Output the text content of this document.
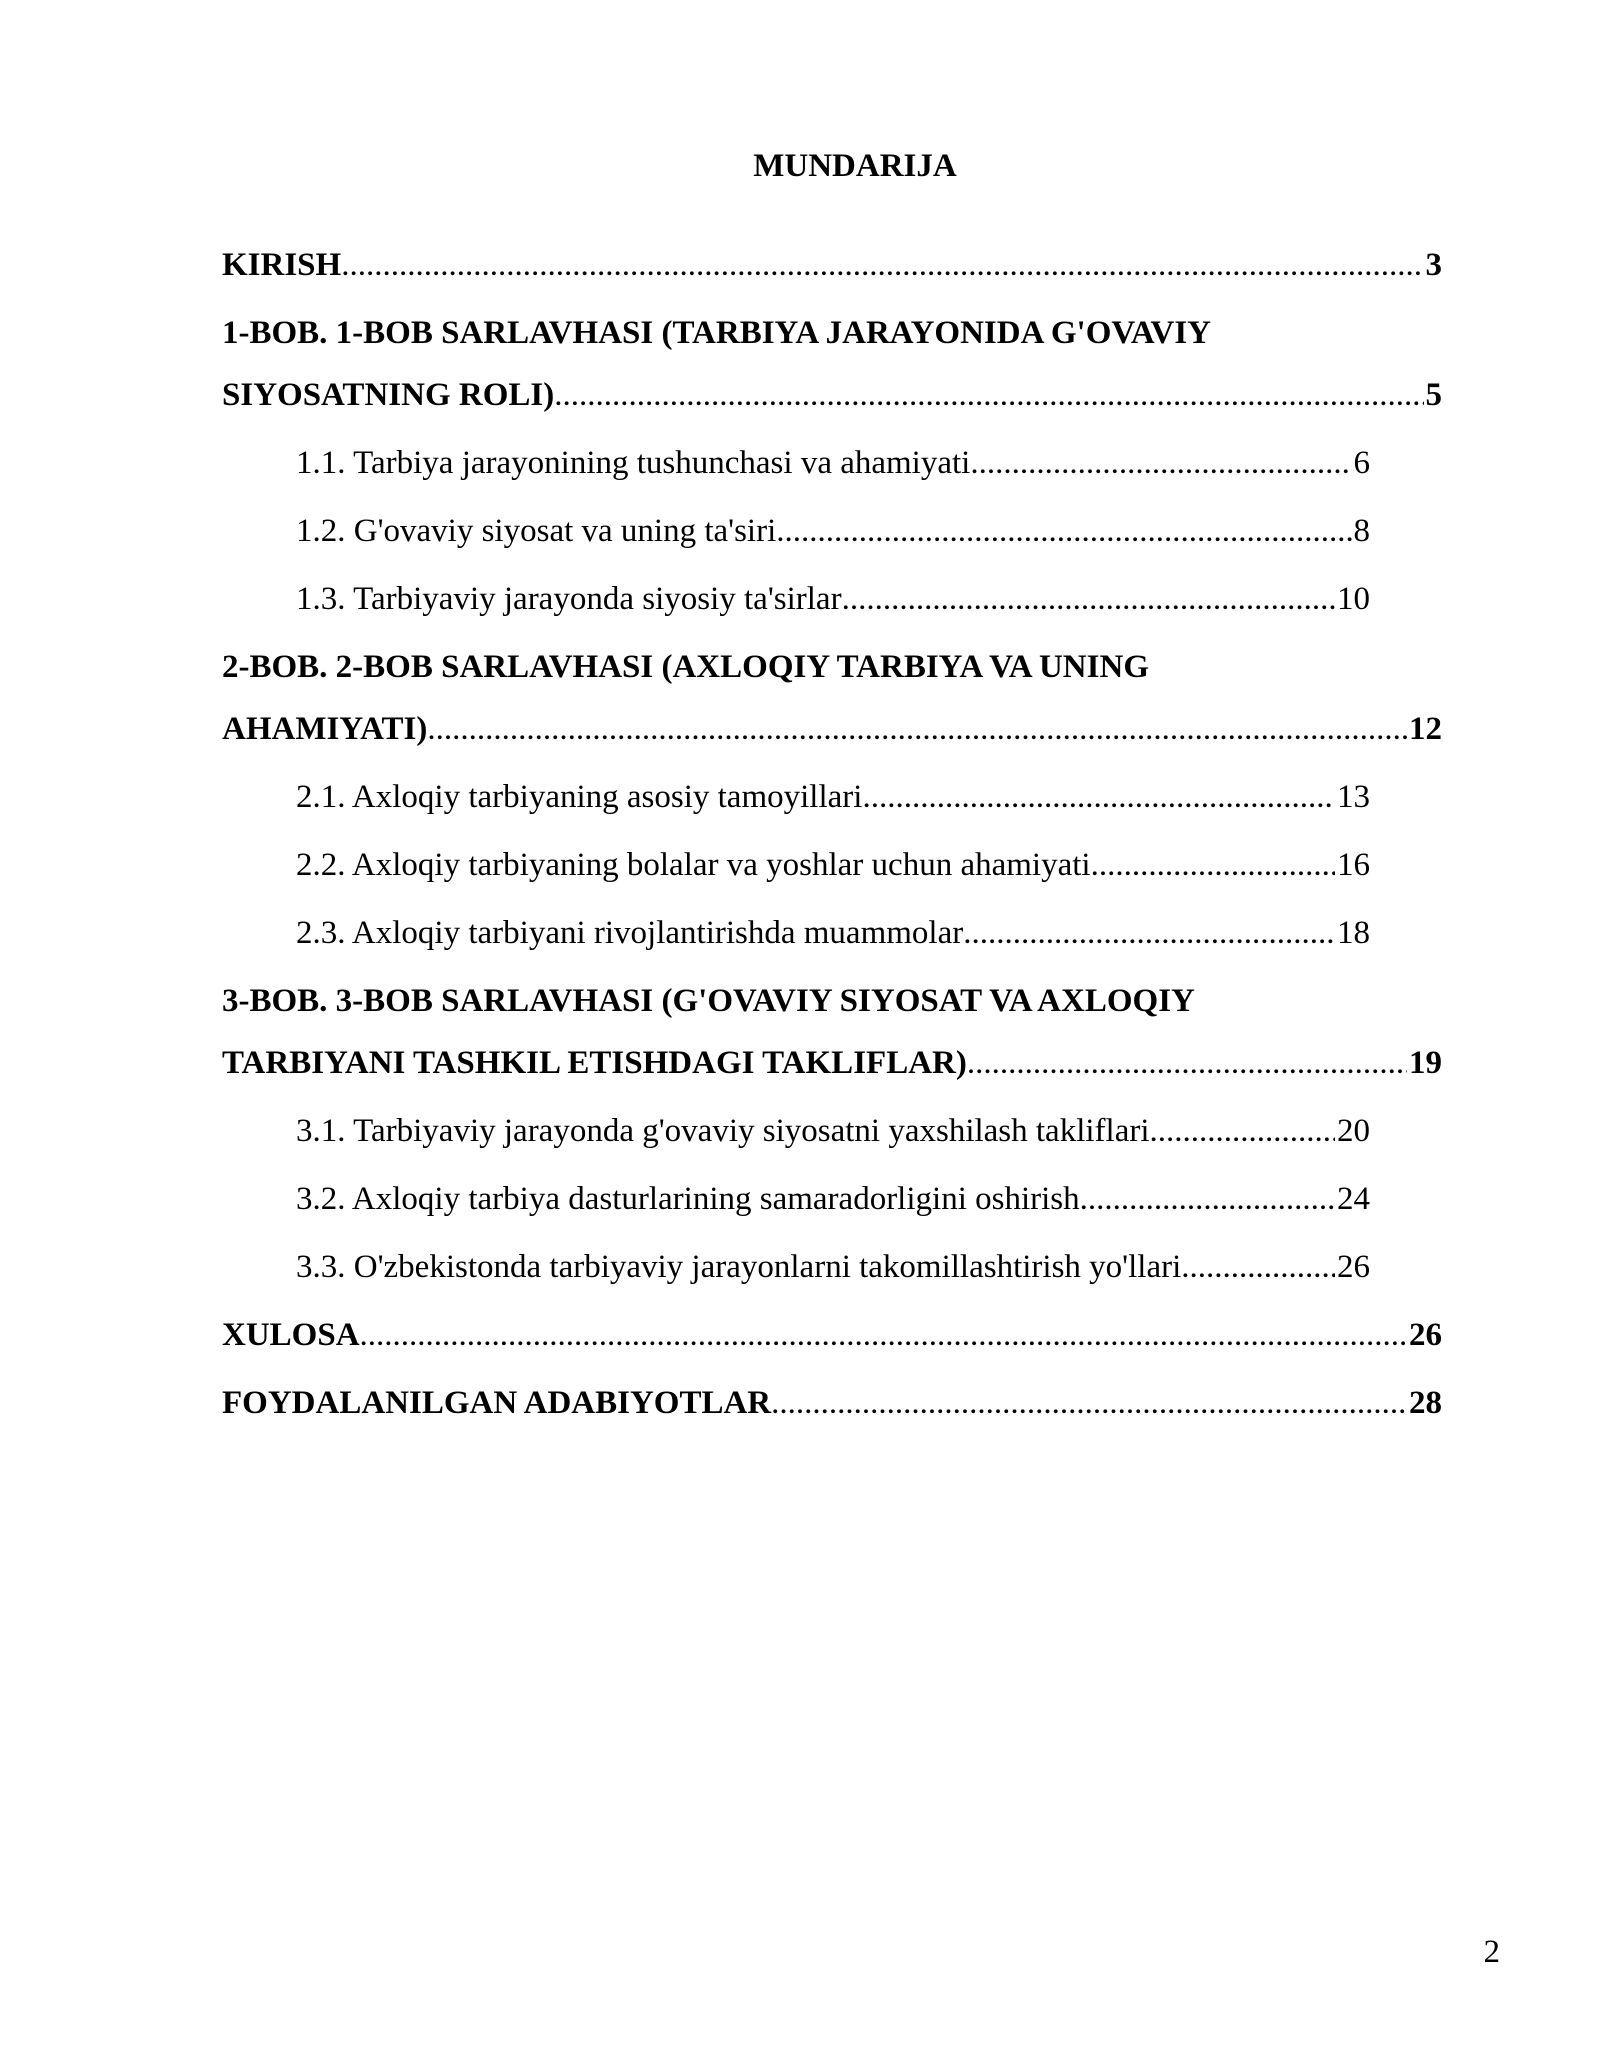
MUNDARIJA
KIRISH .....	3
1-BOB. 1-BOB SARLAVHASI (TARBIYA JARAYONIDA G'OVAVIY
SIYOSATNING ROLI) .....	5
1.1. Tarbiya jarayonining tushunchasi va ahamiyati .....	6
1.2. G'ovaviy siyosat va uning ta'siri .....	8
1.3. Tarbiyaviy jarayonda siyosiy ta'sirlar .....	10
2-BOB. 2-BOB SARLAVHASI (AXLOQIY TARBIYA VA UNING
AHAMIYATI) .....	12
2.1. Axloqiy tarbiyaning asosiy tamoyillari .....	13
2.2. Axloqiy tarbiyaning bolalar va yoshlar uchun ahamiyati .....	16
2.3. Axloqiy tarbiyani rivojlantirishda muammolar .....	18
3-BOB. 3-BOB SARLAVHASI (G'OVAVIY SIYOSAT VA AXLOQIY
TARBIYANI TASHKIL ETISHDAGI TAKLIFLAR) .....	19
3.1. Tarbiyaviy jarayonda g'ovaviy siyosatni yaxshilash takliflari .....	20
3.2. Axloqiy tarbiya dasturlarining samaradorligini oshirish .....	24
3.3. O'zbekistonda tarbiyaviy jarayonlarni takomillashtirish yo'llari .....	26
XULOSA .....	26
FOYDALANILGAN ADABIYOTLAR .....	28
2
